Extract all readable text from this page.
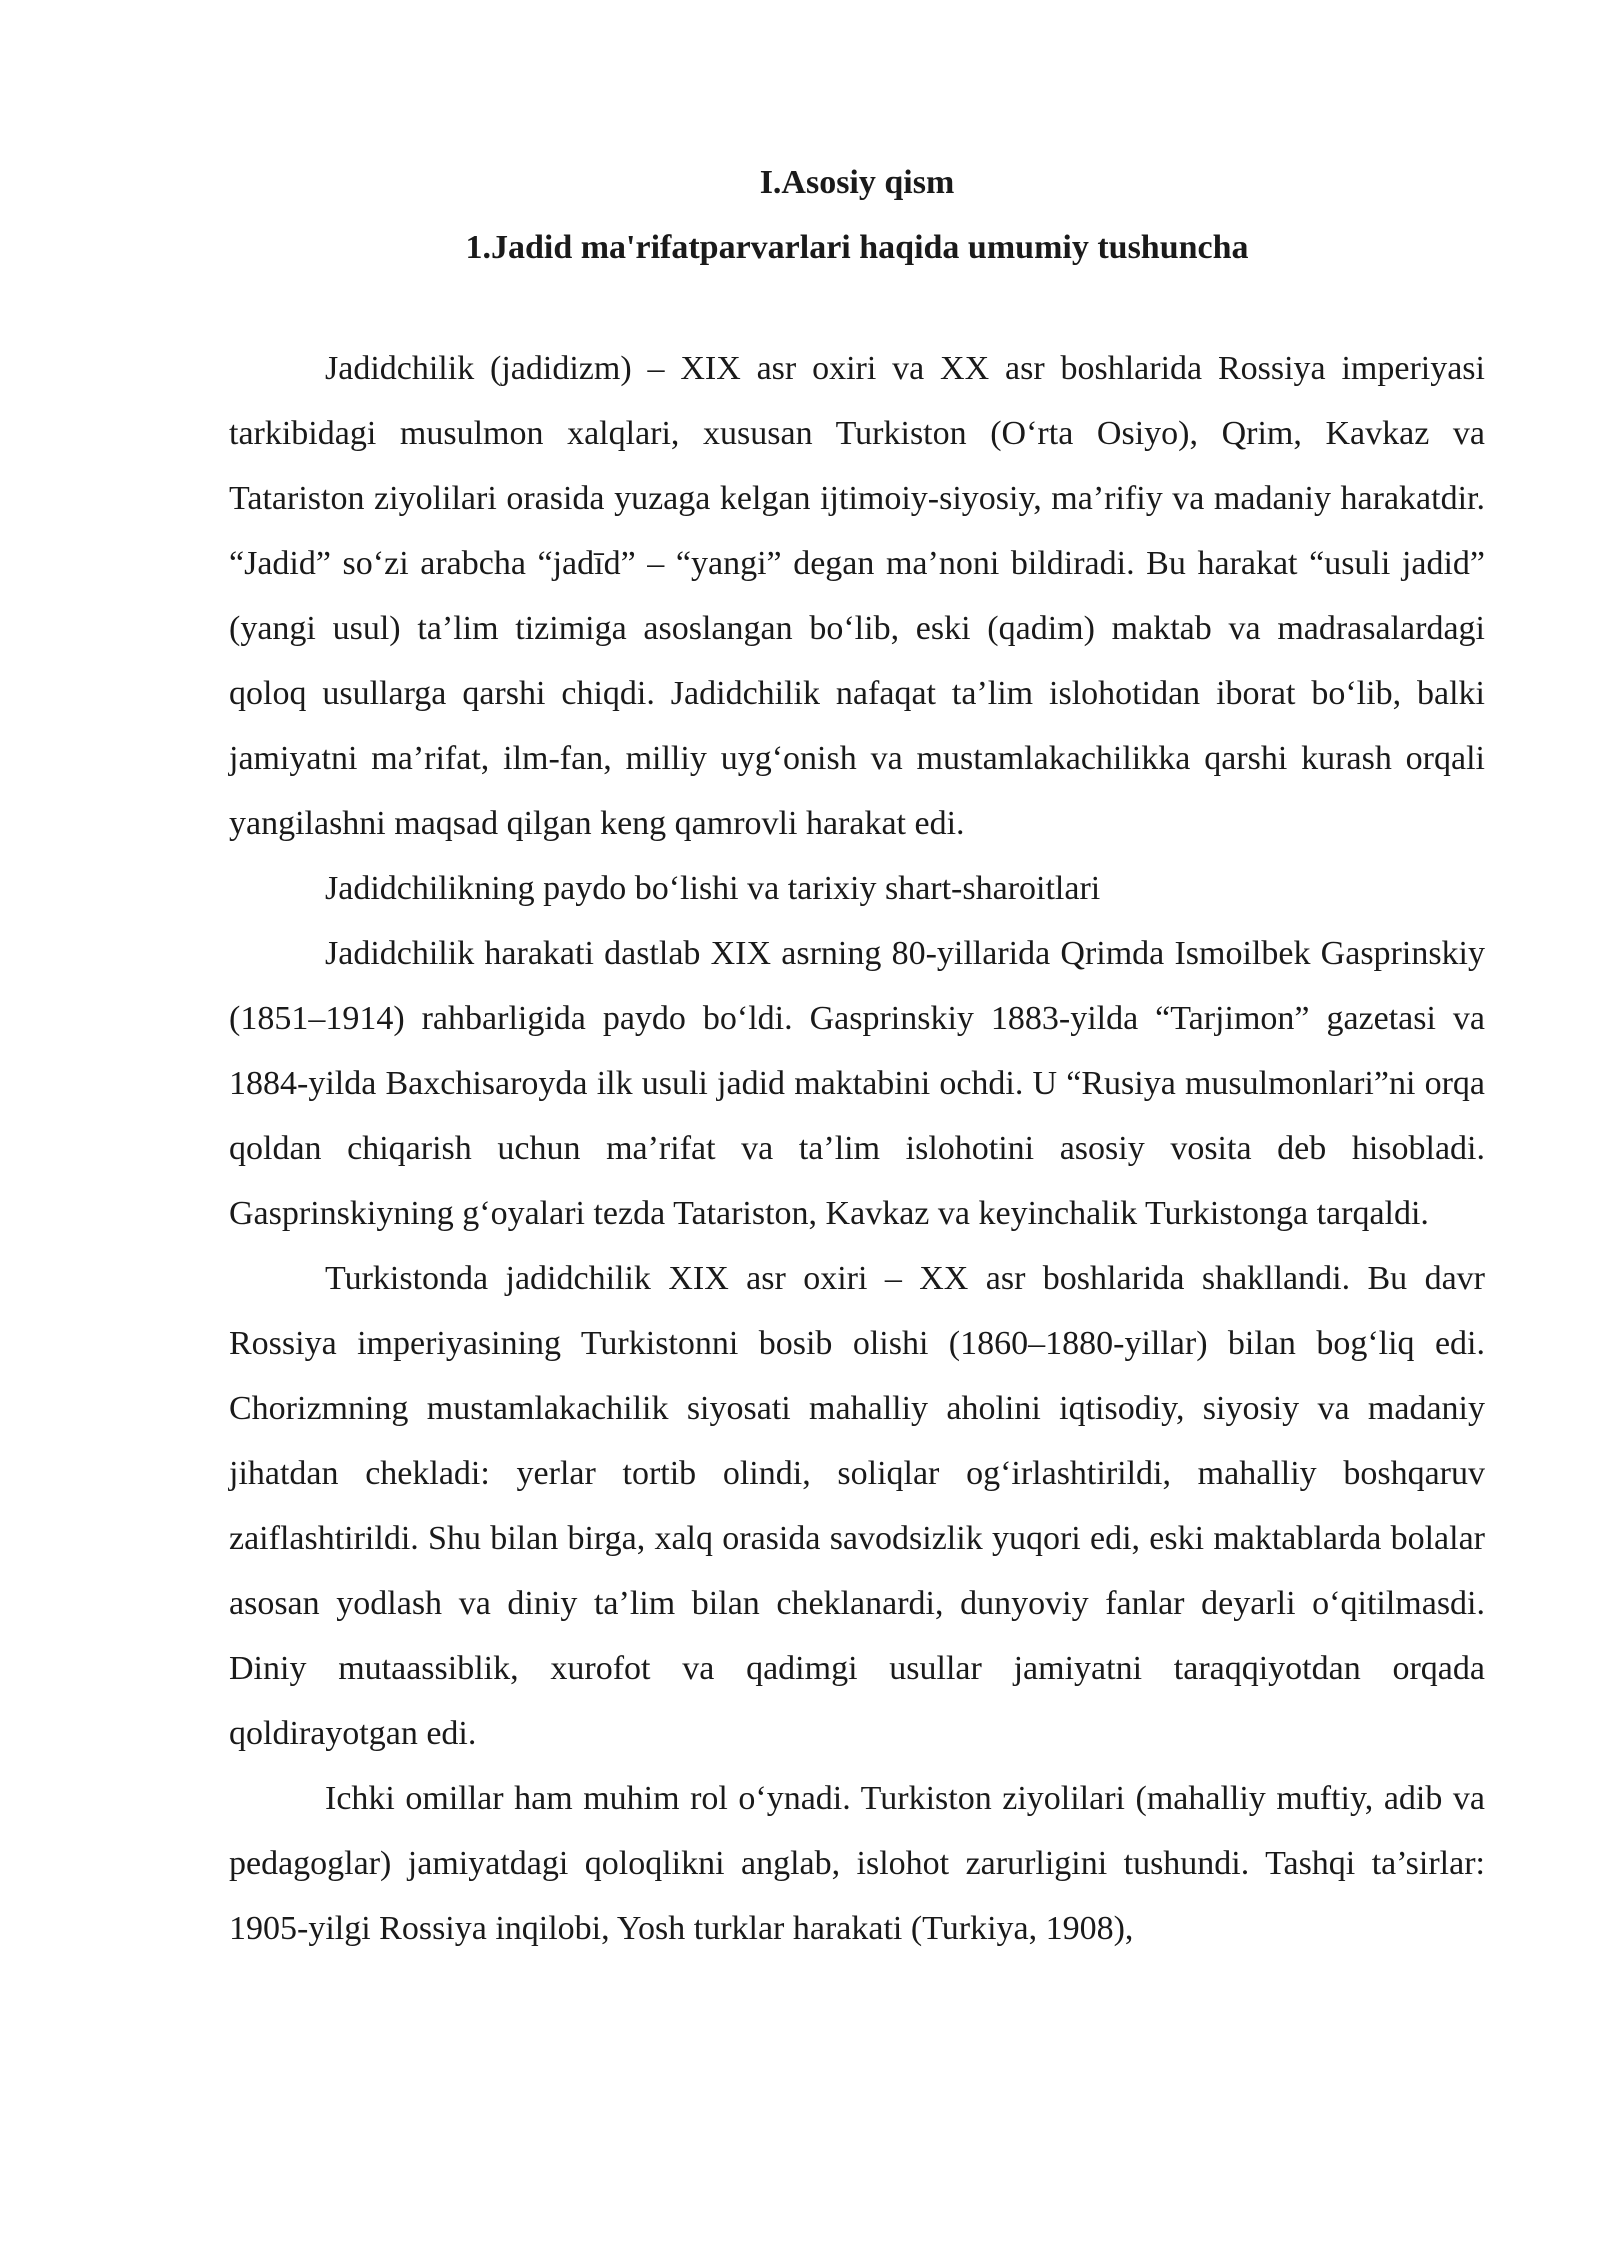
I.Asosiy qism
1.Jadid ma'rifatparvarlari haqida umumiy tushuncha

Jadidchilik (jadidizm) – XIX asr oxiri va XX asr boshlarida Rossiya imperiyasi tarkibidagi musulmon xalqlari, xususan Turkiston (O‘rta Osiyo), Qrim, Kavkaz va Tatariston ziyolilari orasida yuzaga kelgan ijtimoiy-siyosiy, ma’rifiy va madaniy harakatdir. “Jadid” so‘zi arabcha “jadīd” – “yangi” degan ma’noni bildiradi. Bu harakat “usuli jadid” (yangi usul) ta’lim tizimiga asoslangan bo‘lib, eski (qadim) maktab va madrasalardagi qoloq usullarga qarshi chiqdi. Jadidchilik nafaqat ta’lim islohotidan iborat bo‘lib, balki jamiyatni ma’rifat, ilm-fan, milliy uyg‘onish va mustamlakachilikka qarshi kurash orqali yangilashni maqsad qilgan keng qamrovli harakat edi.

Jadidchilikning paydo bo‘lishi va tarixiy shart-sharoitlari

Jadidchilik harakati dastlab XIX asrning 80-yillarida Qrimda Ismoilbek Gasprinskiy (1851–1914) rahbarligida paydo bo‘ldi. Gasprinskiy 1883-yilda “Tarjimon” gazetasi va 1884-yilda Baxchisaroyda ilk usuli jadid maktabini ochdi. U “Rusiya musulmonlari”ni orqa qoldan chiqarish uchun ma’rifat va ta’lim islohotini asosiy vosita deb hisobladi. Gasprinskiyning g‘oyalari tezda Tatariston, Kavkaz va keyinchalik Turkistonga tarqaldi.

Turkistonda jadidchilik XIX asr oxiri – XX asr boshlarida shakllandi. Bu davr Rossiya imperiyasining Turkistonni bosib olishi (1860–1880-yillar) bilan bog‘liq edi. Chorizmning mustamlakachilik siyosati mahalliy aholini iqtisodiy, siyosiy va madaniy jihatdan chekladi: yerlar tortib olindi, soliqlar og‘irlashtirildi, mahalliy boshqaruv zaiflashtirildi. Shu bilan birga, xalq orasida savodsizlik yuqori edi, eski maktablarda bolalar asosan yodlash va diniy ta’lim bilan cheklanardi, dunyoviy fanlar deyarli o‘qitilmasdi. Diniy mutaassiblik, xurofot va qadimgi usullar jamiyatni taraqqiyotdan orqada qoldirayotgan edi.

Ichki omillar ham muhim rol o‘ynadi. Turkiston ziyolilari (mahalliy muftiy, adib va pedagoglar) jamiyatdagi qoloqlikni anglab, islohot zarurligini tushundi. Tashqi ta’sirlar: 1905-yilgi Rossiya inqilobi, Yosh turklar harakati (Turkiya, 1908),
